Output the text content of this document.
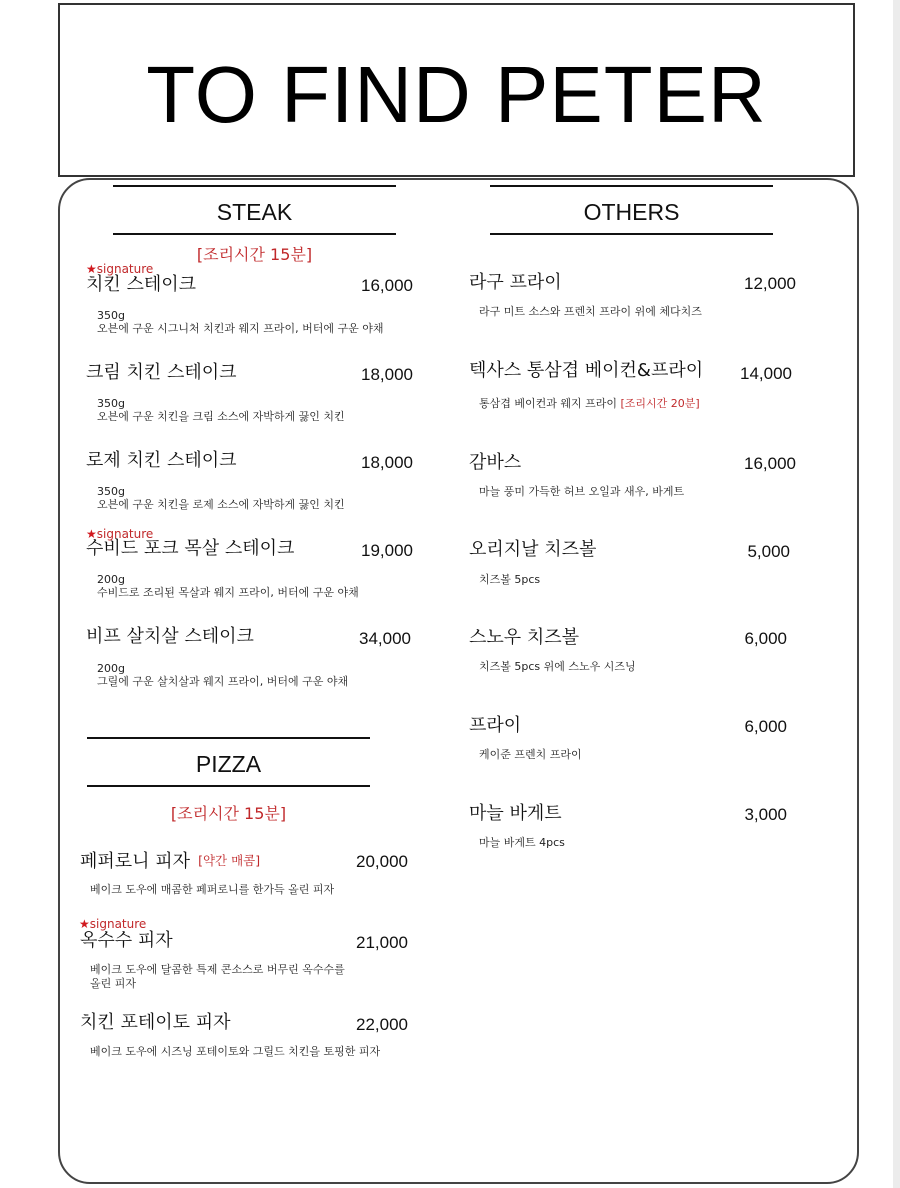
TO FIND PETER
STEAK
[조리시간 15분]
★signature
치킨 스테이크	16,000
350g
오븐에 구운 시그니처 치킨과 웨지 프라이, 버터에 구운 야채
크림 치킨 스테이크	18,000
350g
오븐에 구운 치킨을 크림 소스에 자박하게 끓인 치킨
로제 치킨 스테이크	18,000
350g
오븐에 구운 치킨을 로제 소스에 자박하게 끓인 치킨
★signature
수비드 포크 목살 스테이크	19,000
200g
수비드로 조리된 목살과 웨지 프라이, 버터에 구운 야채
비프 살치살 스테이크	34,000
200g
그릴에 구운 살치살과 웨지 프라이, 버터에 구운 야채
PIZZA
[조리시간 15분]
페퍼로니 피자 [약간 매콤]	20,000
베이크 도우에 매콤한 페퍼로니를 한가득 올린 피자
★signature
옥수수 피자	21,000
베이크 도우에 달콤한 특제 콘소스로 버무린 옥수수를
올린 피자
치킨 포테이토 피자	22,000
베이크 도우에 시즈닝 포테이토와 그릴드 치킨을 토핑한 피자
OTHERS
라구 프라이	12,000
라구 미트 소스와 프렌치 프라이 위에 체다치즈
텍사스 통삼겹 베이컨&프라이	14,000
통삼겹 베이컨과 웨지 프라이 [조리시간 20분]
감바스	16,000
마늘 풍미 가득한 허브 오일과 새우, 바게트
오리지날 치즈볼	5,000
치즈볼 5pcs
스노우 치즈볼	6,000
치즈볼 5pcs 위에 스노우 시즈닝
프라이	6,000
케이준 프렌치 프라이
마늘 바게트	3,000
마늘 바게트 4pcs
